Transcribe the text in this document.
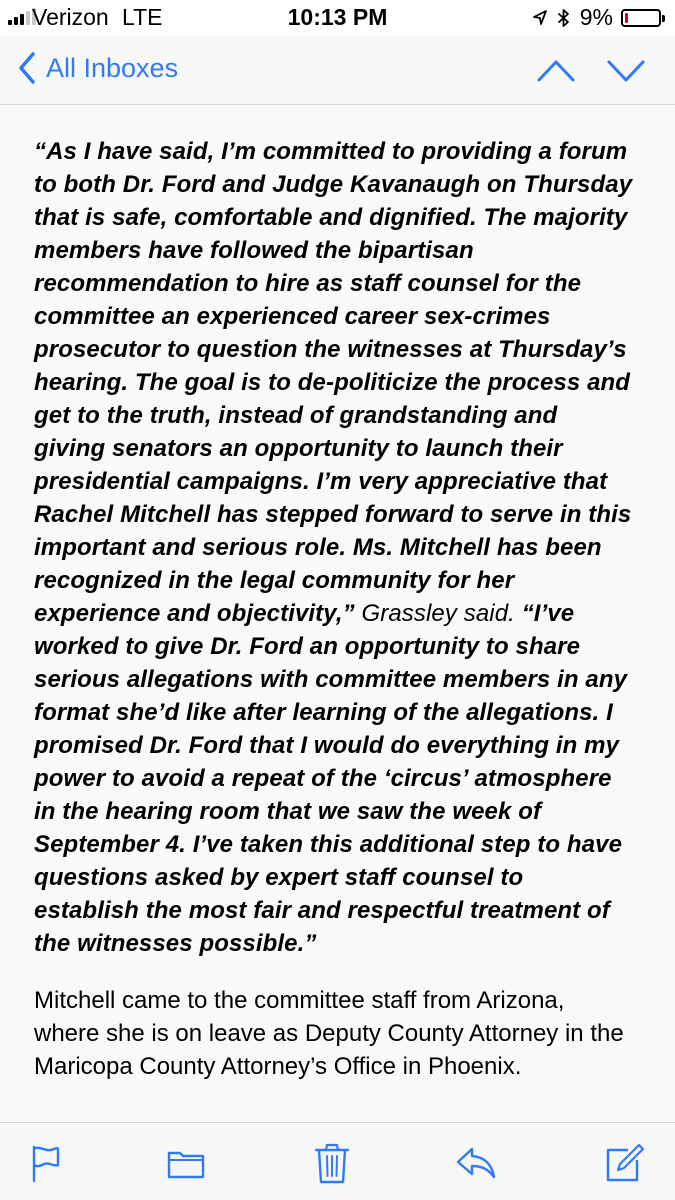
Verizon LTE	10:13 PM	9%
All Inboxes

“As I have said, I’m committed to providing a forum to both Dr. Ford and Judge Kavanaugh on Thursday that is safe, comfortable and dignified. The majority members have followed the bipartisan recommendation to hire as staff counsel for the committee an experienced career sex-crimes prosecutor to question the witnesses at Thursday’s hearing. The goal is to de-politicize the process and get to the truth, instead of grandstanding and giving senators an opportunity to launch their presidential campaigns. I’m very appreciative that Rachel Mitchell has stepped forward to serve in this important and serious role. Ms. Mitchell has been recognized in the legal community for her experience and objectivity,” Grassley said. “I’ve worked to give Dr. Ford an opportunity to share serious allegations with committee members in any format she’d like after learning of the allegations. I promised Dr. Ford that I would do everything in my power to avoid a repeat of the ‘circus’ atmosphere in the hearing room that we saw the week of September 4. I’ve taken this additional step to have questions asked by expert staff counsel to establish the most fair and respectful treatment of the witnesses possible.”

Mitchell came to the committee staff from Arizona, where she is on leave as Deputy County Attorney in the Maricopa County Attorney’s Office in Phoenix.
